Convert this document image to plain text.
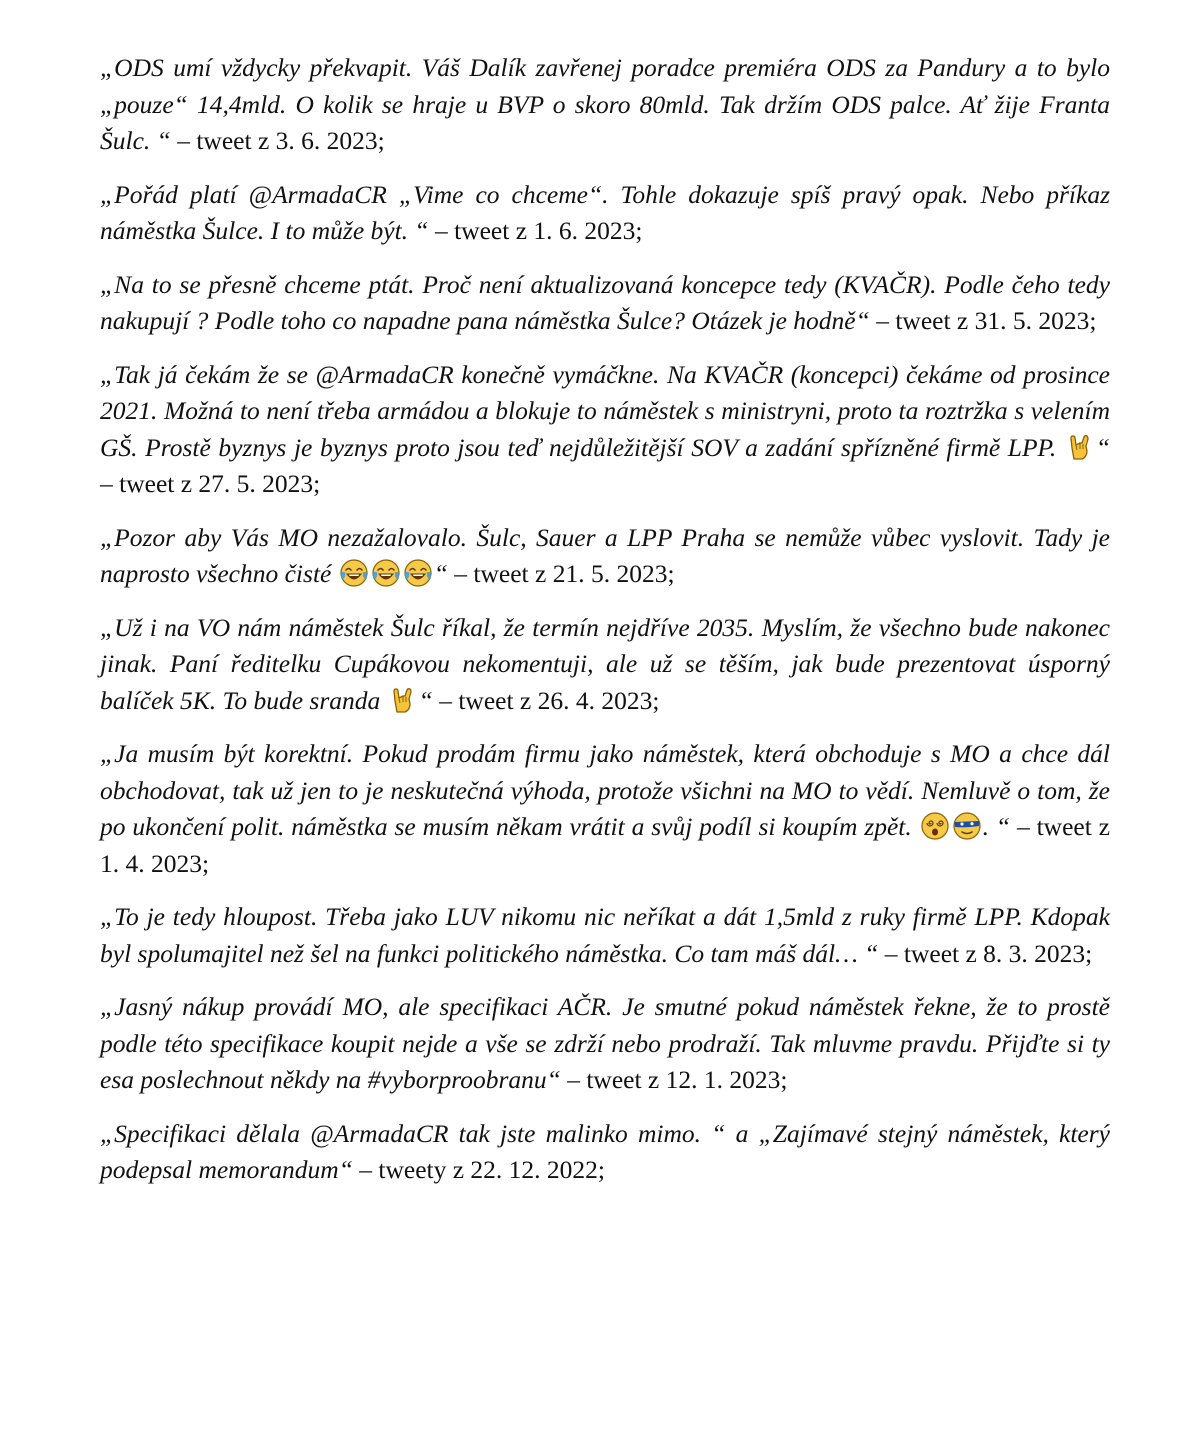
„ODS umí vždycky překvapit. Váš Dalík zavřenej poradce premiéra ODS za Pandury a to bylo „pouze“ 14,4mld. O kolik se hraje u BVP o skoro 80mld. Tak držím ODS palce. Ať žije Franta Šulc. “ – tweet z 3. 6. 2023;

„Pořád platí @ArmadaCR „Vime co chceme“. Tohle dokazuje spíš pravý opak. Nebo příkaz náměstka Šulce. I to může být. “ – tweet z 1. 6. 2023;

„Na to se přesně chceme ptát. Proč není aktualizovaná koncepce tedy (KVAČR). Podle čeho tedy nakupují ? Podle toho co napadne pana náměstka Šulce? Otázek je hodně“ – tweet z 31. 5. 2023;

„Tak já čekám že se @ArmadaCR konečně vymáčkne. Na KVAČR (koncepci) čekáme od prosince 2021. Možná to není třeba armádou a blokuje to náměstek s ministryni, proto ta roztržka s velením GŠ. Prostě byznys je byznys proto jsou teď nejdůležitější SOV a zadání spřízněné firmě LPP.
“ – tweet z 27. 5. 2023;

„Pozor aby Vás MO nezažalovalo. Šulc, Sauer a LPP Praha se nemůže vůbec vyslovit. Tady je naprosto všechno čisté	“ – tweet z 21. 5. 2023;

„Už i na VO nám náměstek Šulc říkal, že termín nejdříve 2035. Myslím, že všechno bude nakonec jinak. Paní ředitelku Cupákovou nekomentuji, ale už se těším, jak bude prezentovat úsporný balíček 5K. To bude sranda
“ – tweet z 26. 4. 2023;

„Ja musím být korektní. Pokud prodám firmu jako náměstek, která obchoduje s MO a chce dál obchodovat, tak už jen to je neskutečná výhoda, protože všichni na MO to vědí. Nemluvě o tom, že po ukončení polit. náměstka se musím někam vrátit a svůj podíl si koupím zpět.	. “ – tweet z 1. 4. 2023;

„To je tedy hloupost. Třeba jako LUV nikomu nic neříkat a dát 1,5mld z ruky firmě LPP. Kdopak byl spolumajitel než šel na funkci politického náměstka. Co tam máš dál… “ – tweet z 8. 3. 2023;

„Jasný nákup provádí MO, ale specifikaci AČR. Je smutné pokud náměstek řekne, že to prostě podle této specifikace koupit nejde a vše se zdrží nebo prodraží. Tak mluvme pravdu. Přijďte si ty esa poslechnout někdy na #vyborproobranu“ – tweet z 12. 1. 2023;

„Specifikaci dělala @ArmadaCR tak jste malinko mimo. “ a „Zajímavé stejný náměstek, který podepsal memorandum“ – tweety z 22. 12. 2022;
